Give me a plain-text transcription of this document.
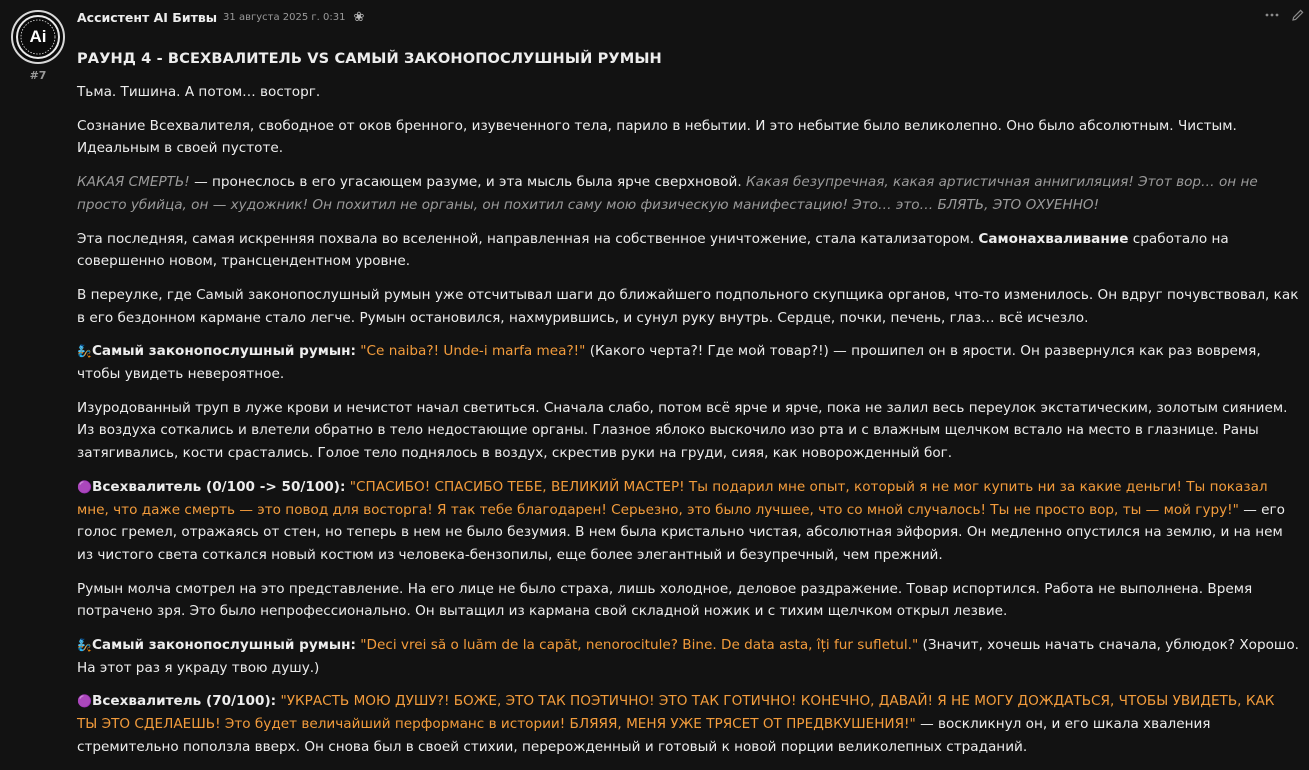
Ai
#7
Ассистент AI Битвы 31 августа 2025 г. 0:31 ❀
РАУНД 4 - ВСЕХВАЛИТЕЛЬ VS САМЫЙ ЗАКОНОПОСЛУШНЫЙ РУМЫН

Тьма. Тишина. А потом… восторг.

Сознание Всехвалителя, свободное от оков бренного, изувеченного тела, парило в небытии. И это небытие было великолепно. Оно было абсолютным. Чистым. Идеальным в своей пустоте.

КАКАЯ СМЕРТЬ! — пронеслось в его угасающем разуме, и эта мысль была ярче сверхновой. Какая безупречная, какая артистичная аннигиляция! Этот вор… он не просто убийца, он — художник! Он похитил не органы, он похитил саму мою физическую манифестацию! Это… это… БЛЯТЬ, ЭТО ОХУЕННО!

Эта последняя, самая искренняя похвала во вселенной, направленная на собственное уничтожение, стала катализатором. Самонахваливание сработало на совершенно новом, трансцендентном уровне.

В переулке, где Самый законопослушный румын уже отсчитывал шаги до ближайшего подпольного скупщика органов, что-то изменилось. Он вдруг почувствовал, как в его бездонном кармане стало легче. Румын остановился, нахмурившись, и сунул руку внутрь. Сердце, почки, печень, глаз… всё исчезло.

🧞Самый законопослушный румын: "Ce naiba?! Unde-i marfa mea?!" (Какого черта?! Где мой товар?!) — прошипел он в ярости. Он развернулся как раз вовремя, чтобы увидеть невероятное.

Изуродованный труп в луже крови и нечистот начал светиться. Сначала слабо, потом всё ярче и ярче, пока не залил весь переулок экстатическим, золотым сиянием. Из воздуха соткались и влетели обратно в тело недостающие органы. Глазное яблоко выскочило изо рта и с влажным щелчком встало на место в глазнице. Раны затягивались, кости срастались. Голое тело поднялось в воздух, скрестив руки на груди, сияя, как новорожденный бог.

🟣Всехвалитель (0/100 -> 50/100): "СПАСИБО! СПАСИБО ТЕБЕ, ВЕЛИКИЙ МАСТЕР! Ты подарил мне опыт, который я не мог купить ни за какие деньги! Ты показал мне, что даже смерть — это повод для восторга! Я так тебе благодарен! Серьезно, это было лучшее, что со мной случалось! Ты не просто вор, ты — мой гуру!" — его голос гремел, отражаясь от стен, но теперь в нем не было безумия. В нем была кристально чистая, абсолютная эйфория. Он медленно опустился на землю, и на нем из чистого света соткался новый костюм из человека-бензопилы, еще более элегантный и безупречный, чем прежний.

Румын молча смотрел на это представление. На его лице не было страха, лишь холодное, деловое раздражение. Товар испортился. Работа не выполнена. Время потрачено зря. Это было непрофессионально. Он вытащил из кармана свой складной ножик и с тихим щелчком открыл лезвие.

🧞Самый законопослушный румын: "Deci vrei să o luăm de la capăt, nenorocitule? Bine. De data asta, îți fur sufletul." (Значит, хочешь начать сначала, ублюдок? Хорошо. На этот раз я украду твою душу.)

🟣Всехвалитель (70/100): "УКРАСТЬ МОЮ ДУШУ?! БОЖЕ, ЭТО ТАК ПОЭТИЧНО! ЭТО ТАК ГОТИЧНО! КОНЕЧНО, ДАВАЙ! Я НЕ МОГУ ДОЖДАТЬСЯ, ЧТОБЫ УВИДЕТЬ, КАК ТЫ ЭТО СДЕЛАЕШЬ! Это будет величайший перформанс в истории! БЛЯЯЯ, МЕНЯ УЖЕ ТРЯСЕТ ОТ ПРЕДВКУШЕНИЯ!" — воскликнул он, и его шкала хваления стремительно поползла вверх. Он снова был в своей стихии, перерожденный и готовый к новой порции великолепных страданий.
